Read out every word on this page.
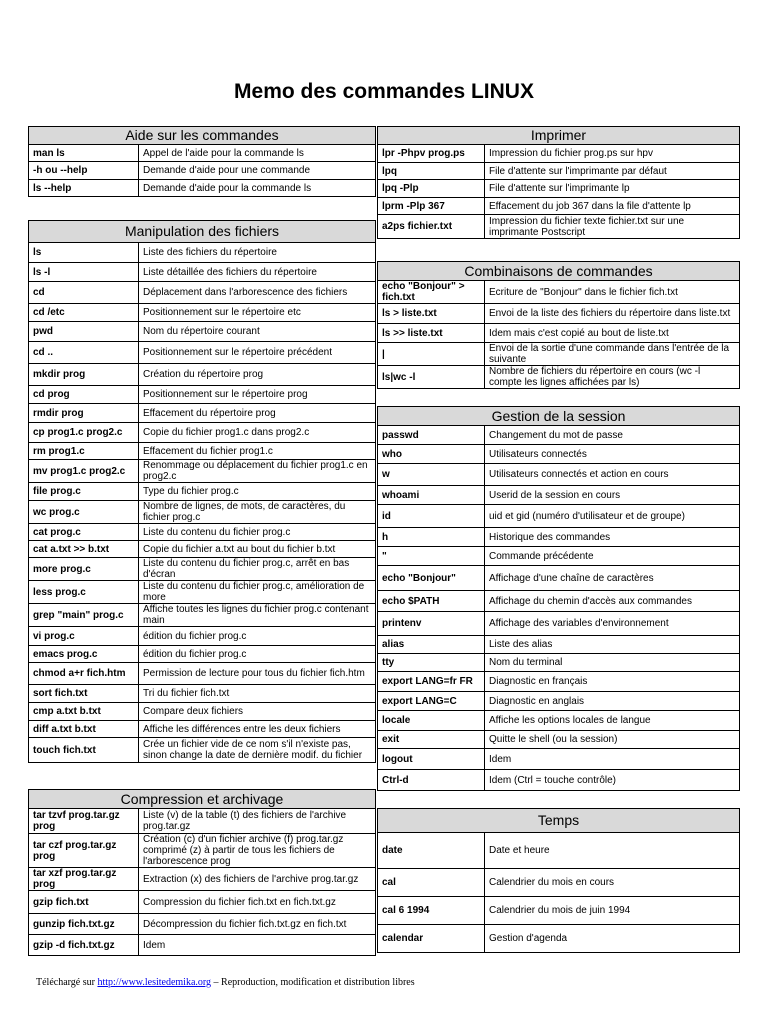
Memo des commandes LINUX
Aide sur les commandes	
man ls	Appel de l'aide pour la commande ls
-h ou --help	Demande d'aide pour une commande
ls --help	Demande d'aide pour la commande ls
Manipulation des fichiers	
ls	Liste des fichiers du répertoire
ls -l	Liste détaillée des fichiers du répertoire
cd	Déplacement dans l'arborescence des fichiers
cd /etc	Positionnement sur le répertoire etc
pwd	Nom du répertoire courant
cd ..	Positionnement sur le répertoire précédent
mkdir prog	Création du répertoire prog
cd prog	Positionnement sur le répertoire prog
rmdir prog	Effacement du répertoire prog
cp prog1.c prog2.c	Copie du fichier prog1.c dans prog2.c
rm prog1.c	Effacement du fichier prog1.c
mv prog1.c prog2.c	Renommage ou déplacement du fichier prog1.c en prog2.c
file prog.c	Type du fichier prog.c
wc prog.c	Nombre de lignes, de mots, de caractères, du fichier prog.c
cat prog.c	Liste du contenu du fichier prog.c
cat a.txt >> b.txt	Copie du fichier a.txt au bout du fichier b.txt
more prog.c	Liste du contenu du fichier prog.c, arrêt en bas d'écran
less prog.c	Liste du contenu du fichier prog.c, amélioration de more
grep "main" prog.c	Affiche toutes les lignes du fichier prog.c contenant main
vi prog.c	édition du fichier prog.c
emacs prog.c	édition du fichier prog.c
chmod a+r fich.htm	Permission de lecture pour tous du fichier fich.htm
sort fich.txt	Tri du fichier fich.txt
cmp a.txt b.txt	Compare deux fichiers
diff a.txt b.txt	Affiche les différences entre les deux fichiers
touch fich.txt	Crée un fichier vide de ce nom s'il n'existe pas, sinon change la date de dernière modif. du fichier
Compression et archivage	
tar tzvf prog.tar.gz prog	Liste (v) de la table (t) des fichiers de l'archive prog.tar.gz
tar czf prog.tar.gz prog	Création (c) d'un fichier archive (f) prog.tar.gz comprimé (z) à partir de tous les fichiers de l'arborescence prog
tar xzf prog.tar.gz prog	Extraction (x) des fichiers de l'archive prog.tar.gz
gzip fich.txt	Compression du fichier fich.txt en fich.txt.gz
gunzip fich.txt.gz	Décompression du fichier fich.txt.gz en fich.txt
gzip -d fich.txt.gz	Idem
Imprimer	
lpr -Phpv prog.ps	Impression du fichier prog.ps sur hpv
lpq	File d'attente sur l'imprimante par défaut
lpq -Plp	File d'attente sur l'imprimante lp
lprm -Plp 367	Effacement du job 367 dans la file d'attente lp
a2ps fichier.txt	Impression du fichier texte fichier.txt sur une imprimante Postscript
Combinaisons de commandes	
echo "Bonjour" > fich.txt	Ecriture de "Bonjour" dans le fichier fich.txt
ls > liste.txt	Envoi de la liste des fichiers du répertoire dans liste.txt
ls >> liste.txt	Idem mais c'est copié au bout de liste.txt
|	Envoi de la sortie d'une commande dans l'entrée de la suivante
ls|wc -l	Nombre de fichiers du répertoire en cours (wc -l compte les lignes affichées par ls)
Gestion de la session	
passwd	Changement du mot de passe
who	Utilisateurs connectés
w	Utilisateurs connectés et action en cours
whoami	Userid de la session en cours
id	uid et gid (numéro d'utilisateur et de groupe)
h	Historique des commandes
"	Commande précédente
echo "Bonjour"	Affichage d'une chaîne de caractères
echo $PATH	Affichage du chemin d'accès aux commandes
printenv	Affichage des variables d'environnement
alias	Liste des alias
tty	Nom du terminal
export LANG=fr FR	Diagnostic en français
export LANG=C	Diagnostic en anglais
locale	Affiche les options locales de langue
exit	Quitte le shell (ou la session)
logout	Idem
Ctrl-d	Idem (Ctrl = touche contrôle)
Temps	
date	Date et heure
cal	Calendrier du mois en cours
cal 6 1994	Calendrier du mois de juin 1994
calendar	Gestion d'agenda
Téléchargé sur http://www.lesitedemika.org – Reproduction, modification et distribution libres
